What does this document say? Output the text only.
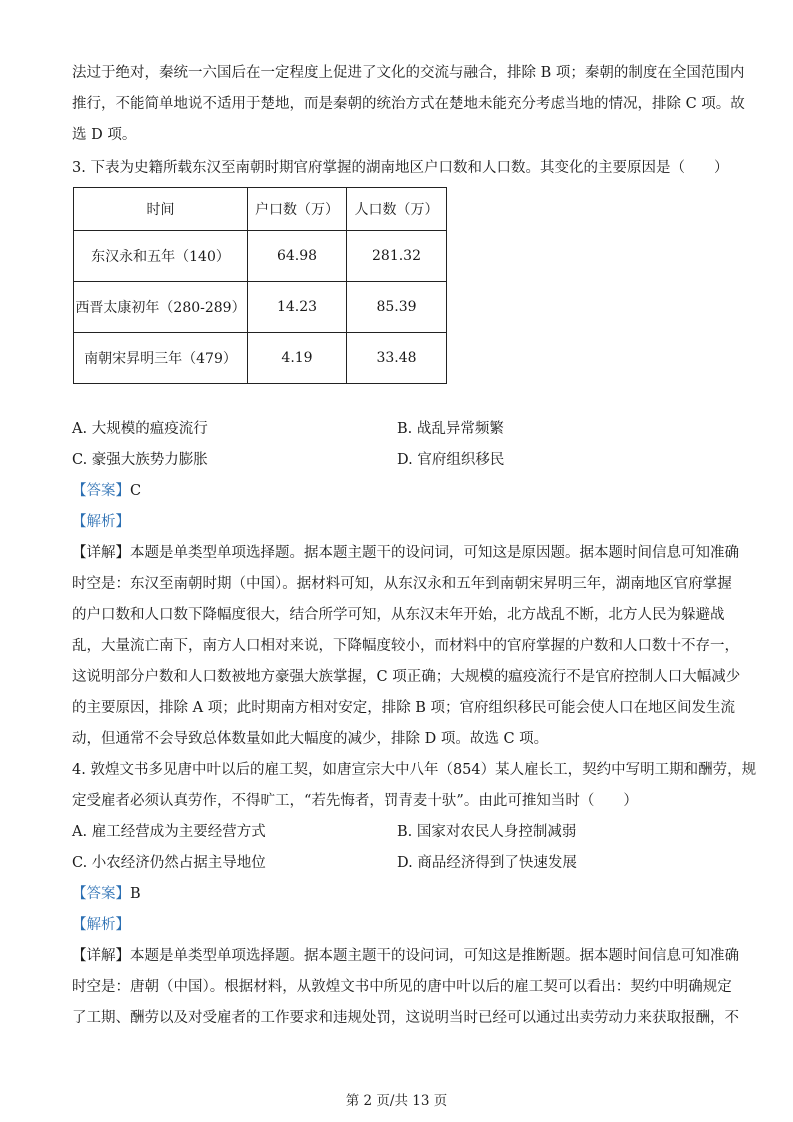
法过于绝对，秦统一六国后在一定程度上促进了文化的交流与融合，排除 B 项；秦朝的制度在全国范围内

推行，不能简单地说不适用于楚地，而是秦朝的统治方式在楚地未能充分考虑当地的情况，排除 C 项。故

选 D 项。

3. 下表为史籍所载东汉至南朝时期官府掌握的湖南地区户口数和人口数。其变化的主要原因是（　　）

时间	户口数（万）	人口数（万）
东汉永和五年（140）	64.98	281.32
西晋太康初年（280-289）	14.23	85.39
南朝宋昇明三年（479）	4.19	33.48
A. 大规模的瘟疫流行	B. 战乱异常频繁
C. 豪强大族势力膨胀	D. 官府组织移民

【答案】C

【解析】

【详解】本题是单类型单项选择题。据本题主题干的设问词，可知这是原因题。据本题时间信息可知准确

时空是：东汉至南朝时期（中国）。据材料可知，从东汉永和五年到南朝宋昇明三年，湖南地区官府掌握

的户口数和人口数下降幅度很大，结合所学可知，从东汉末年开始，北方战乱不断，北方人民为躲避战

乱，大量流亡南下，南方人口相对来说，下降幅度较小，而材料中的官府掌握的户数和人口数十不存一，

这说明部分户数和人口数被地方豪强大族掌握，C 项正确；大规模的瘟疫流行不是官府控制人口大幅减少

的主要原因，排除 A 项；此时期南方相对安定，排除 B 项；官府组织移民可能会使人口在地区间发生流

动，但通常不会导致总体数量如此大幅度的减少，排除 D 项。故选 C 项。

4. 敦煌文书多见唐中叶以后的雇工契，如唐宣宗大中八年（854）某人雇长工，契约中写明工期和酬劳，规

定受雇者必须认真劳作，不得旷工，“若先悔者，罚青麦十驮”。由此可推知当时（　　）

A. 雇工经营成为主要经营方式	B. 国家对农民人身控制减弱
C. 小农经济仍然占据主导地位	D. 商品经济得到了快速发展

【答案】B

【解析】

【详解】本题是单类型单项选择题。据本题主题干的设问词，可知这是推断题。据本题时间信息可知准确

时空是：唐朝（中国）。根据材料，从敦煌文书中所见的唐中叶以后的雇工契可以看出：契约中明确规定

了工期、酬劳以及对受雇者的工作要求和违规处罚，这说明当时已经可以通过出卖劳动力来获取报酬，不

第 2 页/共 13 页
